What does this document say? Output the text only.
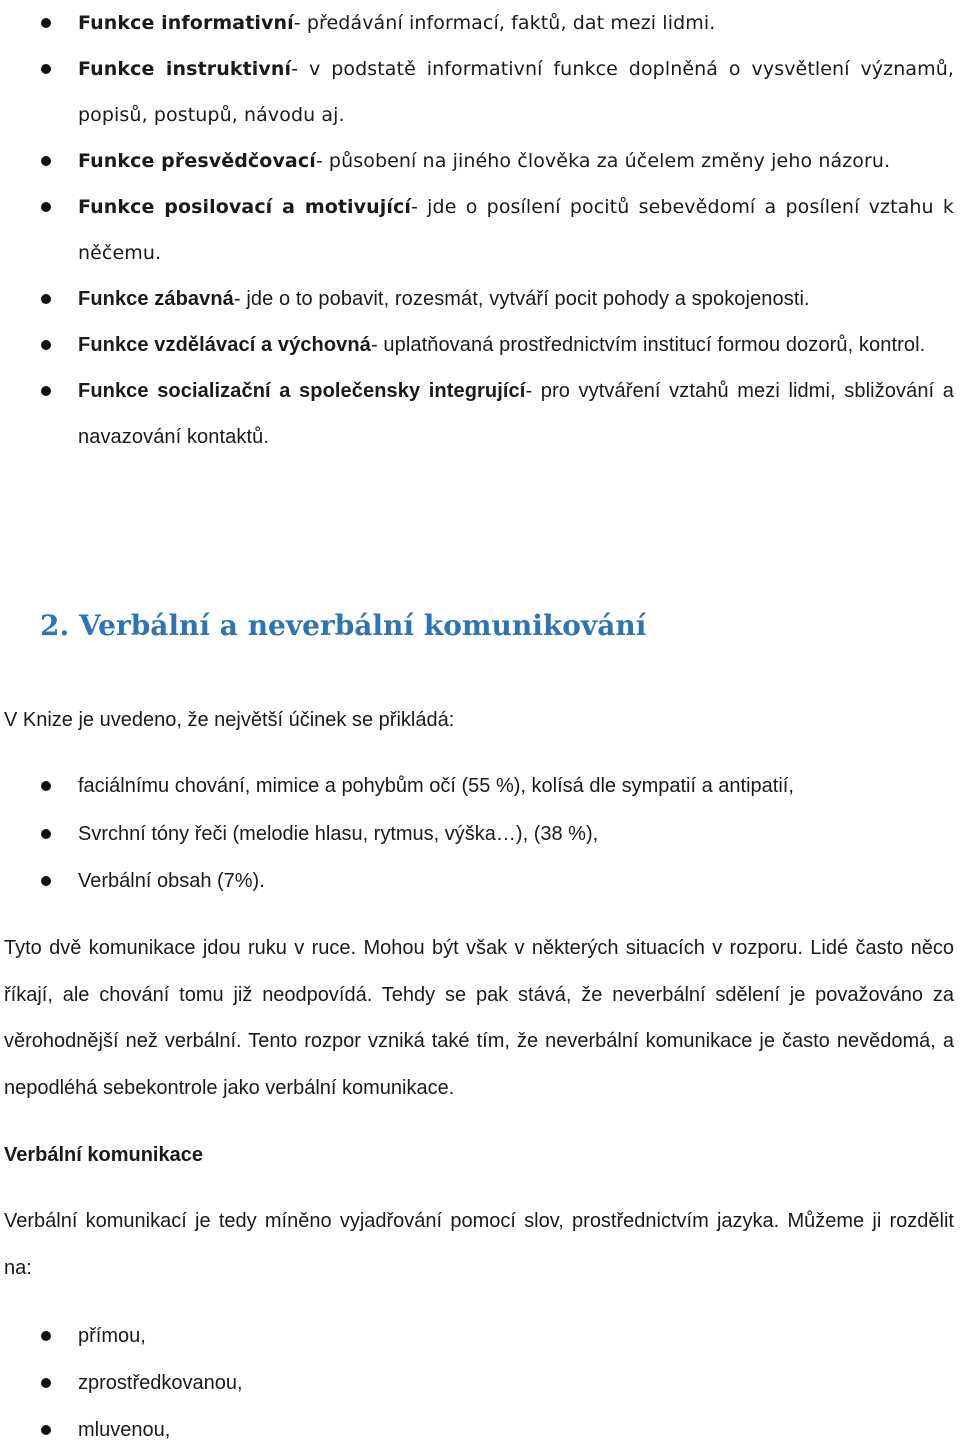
Funkce informativní- předávání informací, faktů, dat mezi lidmi.
Funkce instruktivní- v podstatě informativní funkce doplněná o vysvětlení významů, popisů, postupů, návodu aj.
Funkce přesvědčovací- působení na jiného člověka za účelem změny jeho názoru.
Funkce posilovací a motivující- jde o posílení pocitů sebevědomí a posílení vztahu k něčemu.
Funkce zábavná- jde o to pobavit, rozesmát, vytváří pocit pohody a spokojenosti.
Funkce vzdělávací a výchovná- uplatňovaná prostřednictvím institucí formou dozorů, kontrol.
Funkce socializační a společensky integrující- pro vytváření vztahů mezi lidmi, sbližování a navazování kontaktů.
2. Verbální a neverbální komunikování

V Knize je uvedeno, že největší účinek se přikládá:

faciálnímu chování, mimice a pohybům očí (55 %), kolísá dle sympatií a antipatií,
Svrchní tóny řeči (melodie hlasu, rytmus, výška…), (38 %),
Verbální obsah (7%).

Tyto dvě komunikace jdou ruku v ruce. Mohou být však v některých situacích v rozporu. Lidé často něco říkají, ale chování tomu již neodpovídá. Tehdy se pak stává, že neverbální sdělení je považováno za věrohodnější než verbální. Tento rozpor vzniká také tím, že neverbální komunikace je často nevědomá, a nepodléhá sebekontrole jako verbální komunikace.

Verbální komunikace

Verbální komunikací je tedy míněno vyjadřování pomocí slov, prostřednictvím jazyka. Můžeme ji rozdělit na:

přímou,
zprostředkovanou,
mluvenou,
